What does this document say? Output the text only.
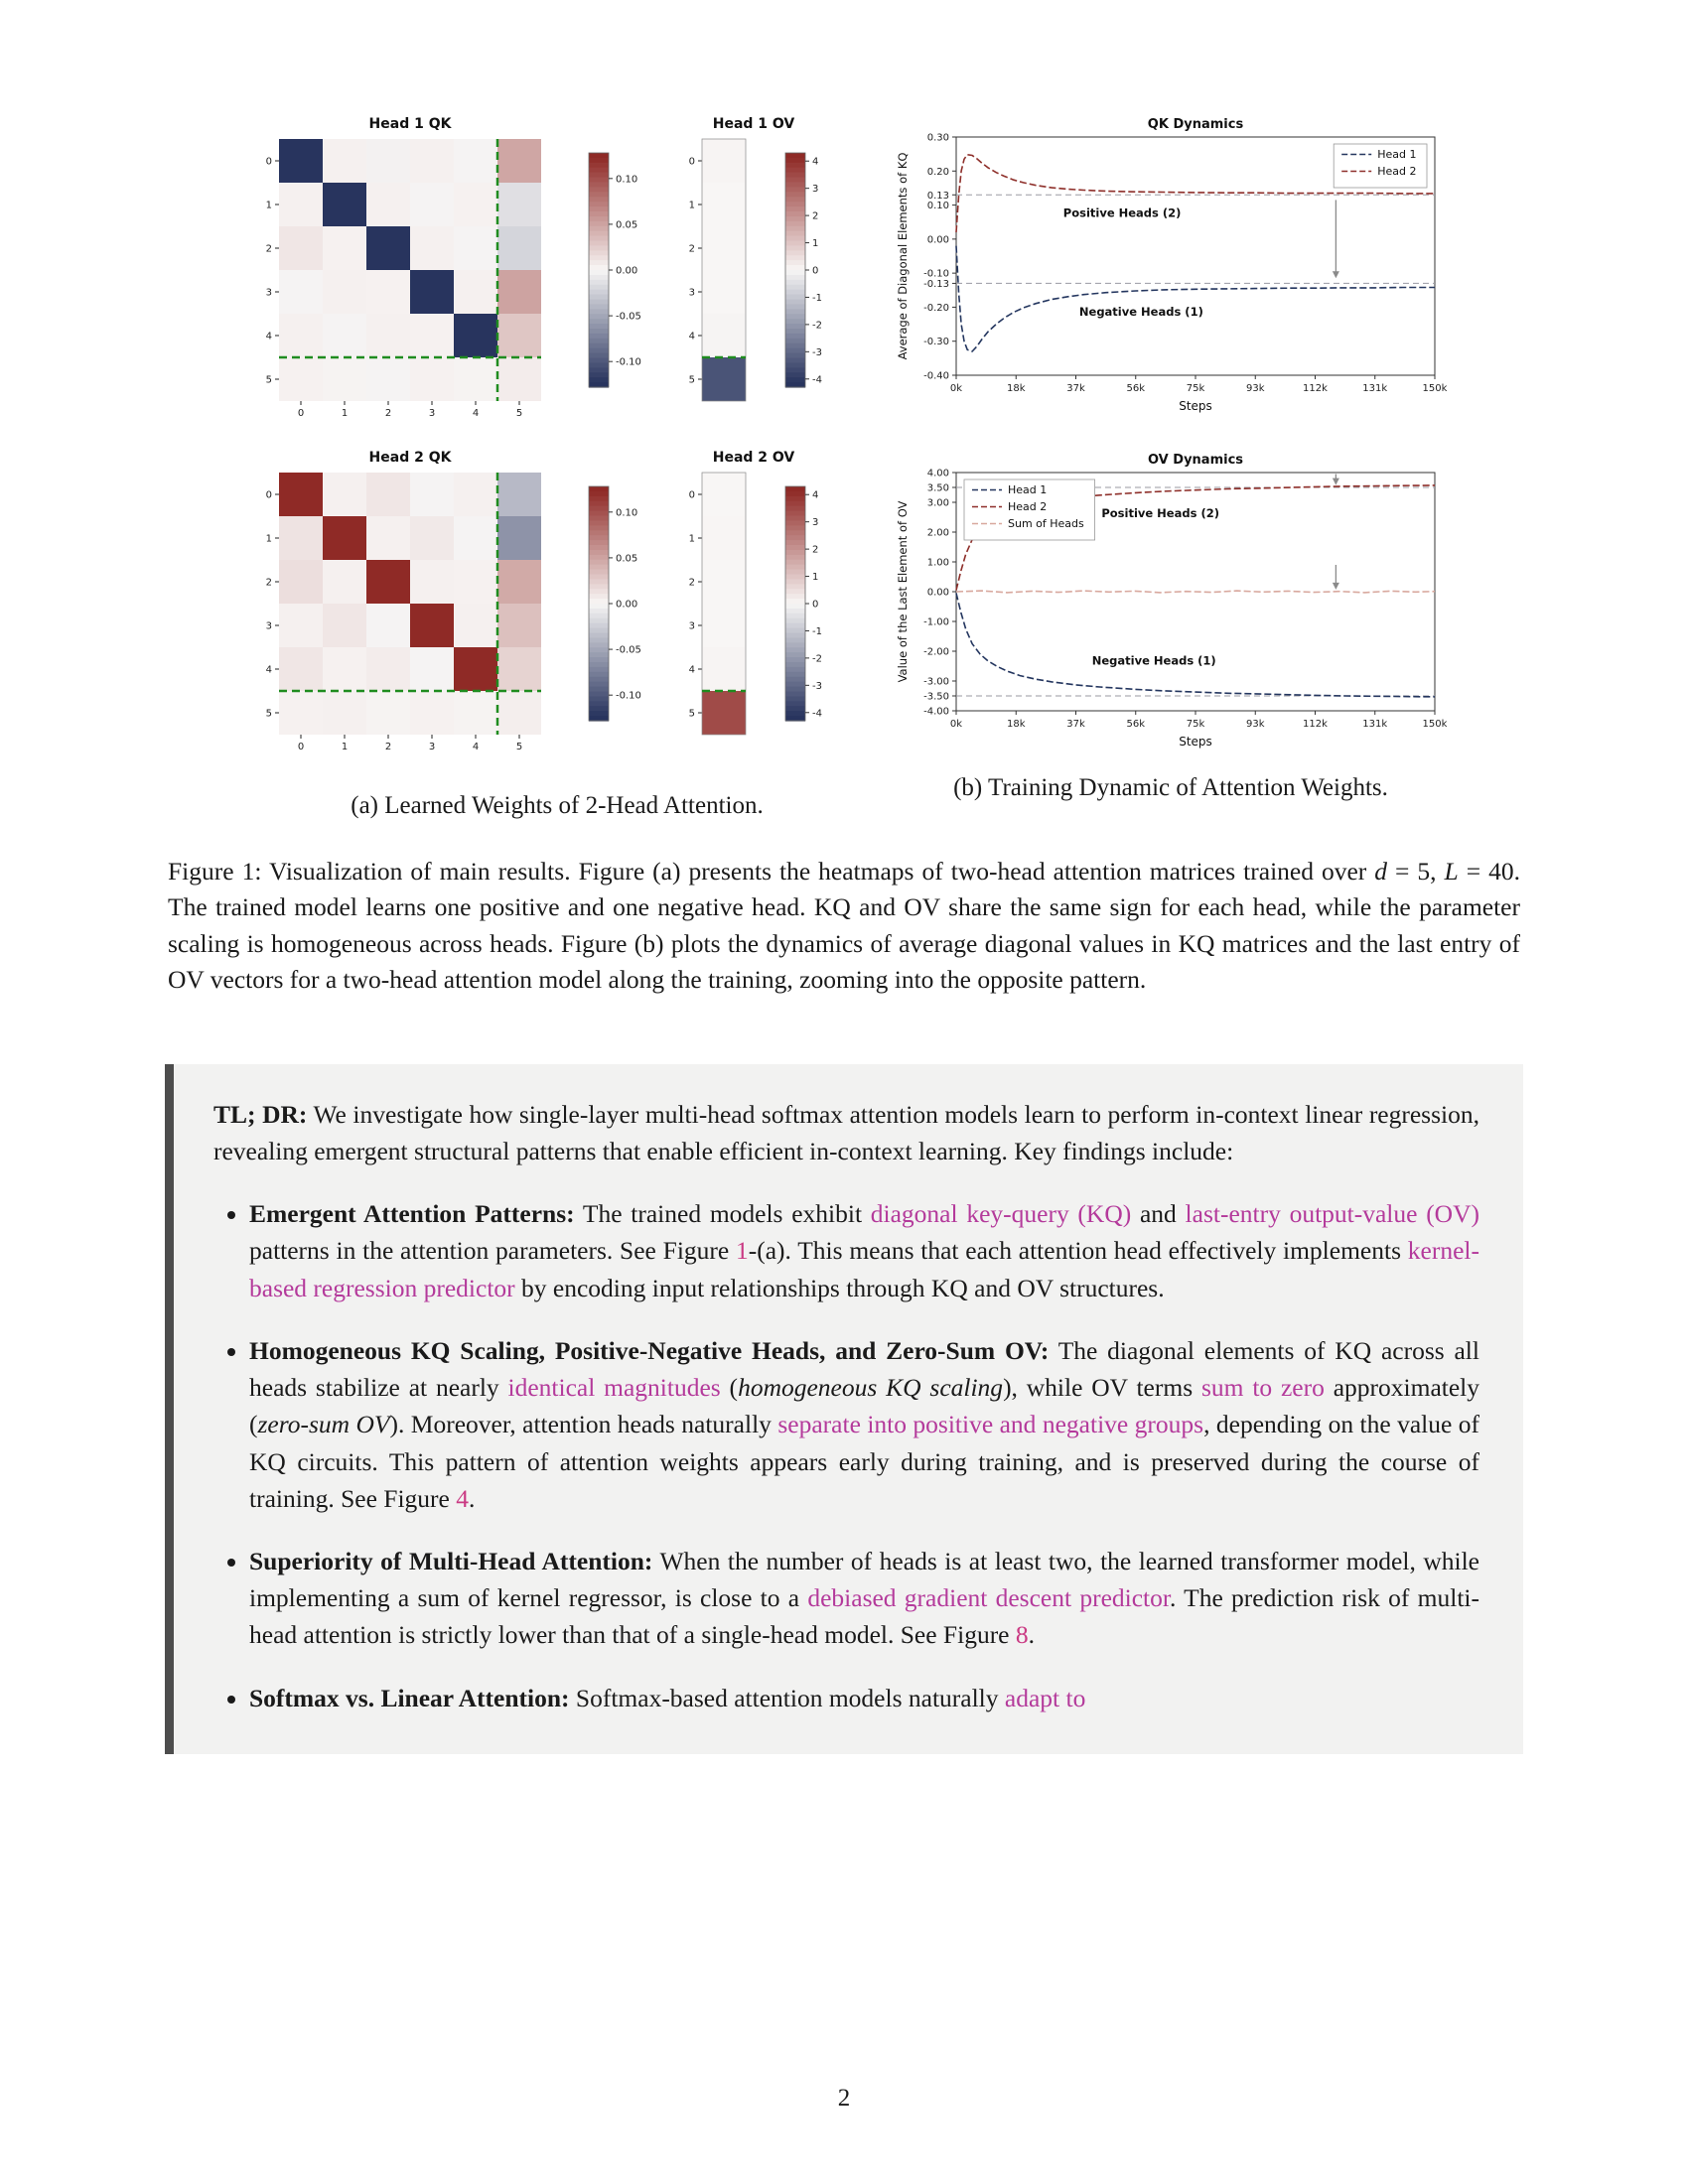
Head 1 QK
0
0
1
1
2
2
3
3
4
4
5
5
0.10
0.05
0.00
-0.05
-0.10
Head 1 OV
0
1
2
3
4
5
4
3
2
1
0
-1
-2
-3
-4
Head 2 QK
0
0
1
1
2
2
3
3
4
4
5
5
0.10
0.05
0.00
-0.05
-0.10
Head 2 OV
0
1
2
3
4
5
4
3
2
1
0
-1
-2
-3
-4
(a) Learned Weights of 2-Head Attention.
QK Dynamics
0.30
0.20
0.13
0.10
0.00
-0.10
-0.13
-0.20
-0.30
-0.40
0k	18k	37k	56k	75k	93k	112k	131k	150k
Steps
Average of Diagonal Elements of KQ	Positive Heads (2)
Negative Heads (1)
Head 1
Head 2
OV Dynamics
4.00
3.50
3.00
2.00
1.00
0.00
-1.00
-2.00
-3.00
-3.50
-4.00
0k	18k	37k	56k	75k	93k	112k	131k	150k
Steps
Value of the Last Element of OV	Positive Heads (2)
Negative Heads (1)
Head 1
Head 2
Sum of Heads
(b) Training Dynamic of Attention Weights.

Figure 1: Visualization of main results. Figure (a) presents the heatmaps of two-head attention matrices trained over d = 5, L = 40. The trained model learns one positive and one negative head. KQ and OV share the same sign for each head, while the parameter scaling is homogeneous across heads. Figure (b) plots the dynamics of average diagonal values in KQ matrices and the last entry of OV vectors for a two-head attention model along the training, zooming into the opposite pattern.

TL; DR: We investigate how single-layer multi-head softmax attention models learn to perform in-context linear regression, revealing emergent structural patterns that enable efficient in-context learning. Key findings include:

• Emergent Attention Patterns: The trained models exhibit diagonal key-query (KQ) and last-entry output-value (OV) patterns in the attention parameters. See Figure 1-(a). This means that each attention head effectively implements kernel-based regression predictor by encoding input relationships through KQ and OV structures.
• Homogeneous KQ Scaling, Positive-Negative Heads, and Zero-Sum OV: The diagonal elements of KQ across all heads stabilize at nearly identical magnitudes (homogeneous KQ scaling), while OV terms sum to zero approximately (zero-sum OV). Moreover, attention heads naturally separate into positive and negative groups, depending on the value of KQ circuits. This pattern of attention weights appears early during training, and is preserved during the course of training. See Figure 4.
• Superiority of Multi-Head Attention: When the number of heads is at least two, the learned transformer model, while implementing a sum of kernel regressor, is close to a debiased gradient descent predictor. The prediction risk of multi-head attention is strictly lower than that of a single-head model. See Figure 8.
• Softmax vs. Linear Attention: Softmax-based attention models naturally adapt to
2
